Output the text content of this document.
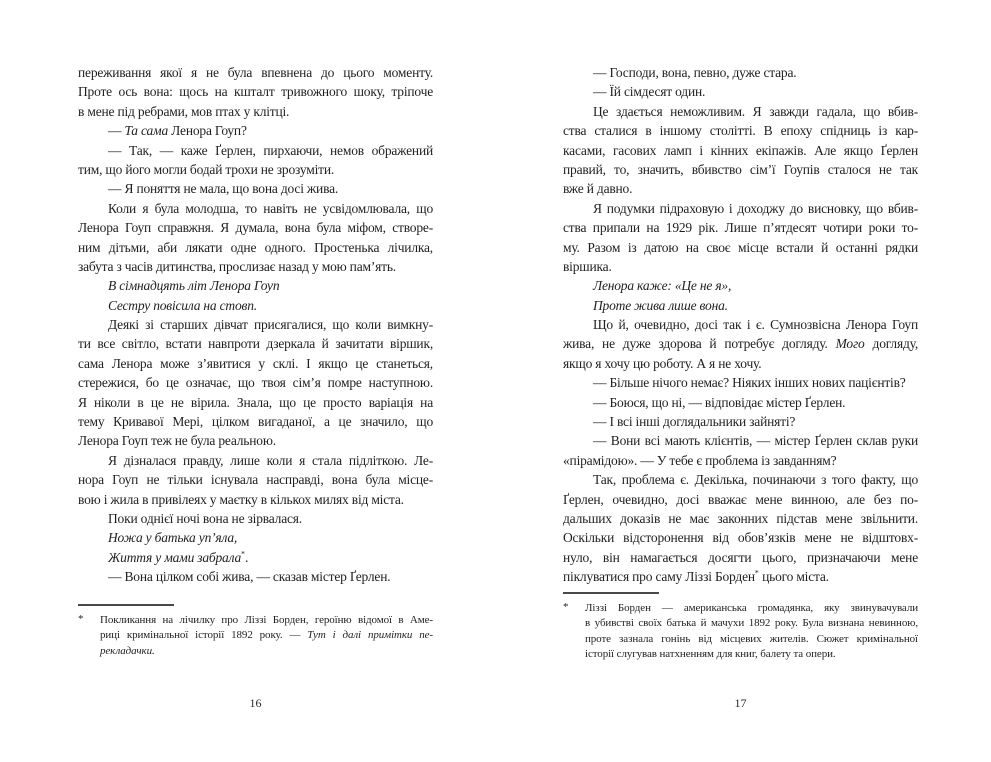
переживання якої я не була впевнена до цього моменту.
Проте ось вона: щось на кшталт тривожного шоку, тріпоче
в мене під ребрами, мов птах у клітці.
— Та сама Ленора Гоуп?
— Так, — каже Ґерлен, пирхаючи, немов ображений
тим, що його могли бодай трохи не зрозуміти.
— Я поняття не мала, що вона досі жива.
Коли я була молодша, то навіть не усвідомлювала, що
Ленора Гоуп справжня. Я думала, вона була міфом, створе-
ним дітьми, аби лякати одне одного. Простенька лічилка,
забута з часів дитинства, прослизає назад у мою пам’ять.
В сімнадцять літ Ленора Гоуп
Сестру повісила на стовп.
Деякі зі старших дівчат присягалися, що коли вимкну-
ти все світло, встати навпроти дзеркала й зачитати віршик,
сама Ленора може з’явитися у склі. І якщо це станеться,
стережися, бо це означає, що твоя сім’я помре наступною.
Я ніколи в це не вірила. Знала, що це просто варіація на
тему Кривавої Мері, цілком вигаданої, а це значило, що
Ленора Гоуп теж не була реальною.
Я дізналася правду, лише коли я стала підліткою. Ле-
нора Гоуп не тільки існувала насправді, вона була місце-
вою і жила в привілеях у маєтку в кількох милях від міста.
Поки однієї ночі вона не зірвалася.
Ножа у батька уп’яла,
Життя у мами забрала*.
— Вона цілком собі жива, — сказав містер Ґерлен.
* Покликання на лічилку про Ліззі Борден, героїню відомої в Аме-
риці кримінальної історії 1892 року. — Тут і далі примітки пе-
рекладачки.
16
— Господи, вона, певно, дуже стара.
— Їй сімдесят один.
Це здається неможливим. Я завжди гадала, що вбив-
ства сталися в іншому столітті. В епоху спідниць із кар-
касами, гасових ламп і кінних екіпажів. Але якщо Ґерлен
правий, то, значить, вбивство сім’ї Гоупів сталося не так
вже й давно.
Я подумки підраховую і доходжу до висновку, що вбив-
ства припали на 1929 рік. Лише п’ятдесят чотири роки то-
му. Разом із датою на своє місце встали й останні рядки
віршика.
Ленора каже: «Це не я»,
Проте жива лише вона.
Що й, очевидно, досі так і є. Сумнозвісна Ленора Гоуп
жива, не дуже здорова й потребує догляду. Мого догляду,
якщо я хочу цю роботу. А я не хочу.
— Більше нічого немає? Ніяких інших нових пацієнтів?
— Боюся, що ні, — відповідає містер Ґерлен.
— І всі інші доглядальники зайняті?
— Вони всі мають клієнтів, — містер Ґерлен склав руки
«пірамідою». — У тебе є проблема із завданням?
Так, проблема є. Декілька, починаючи з того факту, що
Ґерлен, очевидно, досі вважає мене винною, але без по-
дальших доказів не має законних підстав мене звільнити.
Оскільки відсторонення від обов’язків мене не відштовх-
нуло, він намагається досягти цього, призначаючи мене
піклуватися про саму Ліззі Борден* цього міста.
* Ліззі Борден — американська громадянка, яку звинувачували
в убивстві своїх батька й мачухи 1892 року. Була визнана невинною,
проте зазнала гонінь від місцевих жителів. Сюжет кримінальної
історії слугував натхненням для книг, балету та опери.
17
